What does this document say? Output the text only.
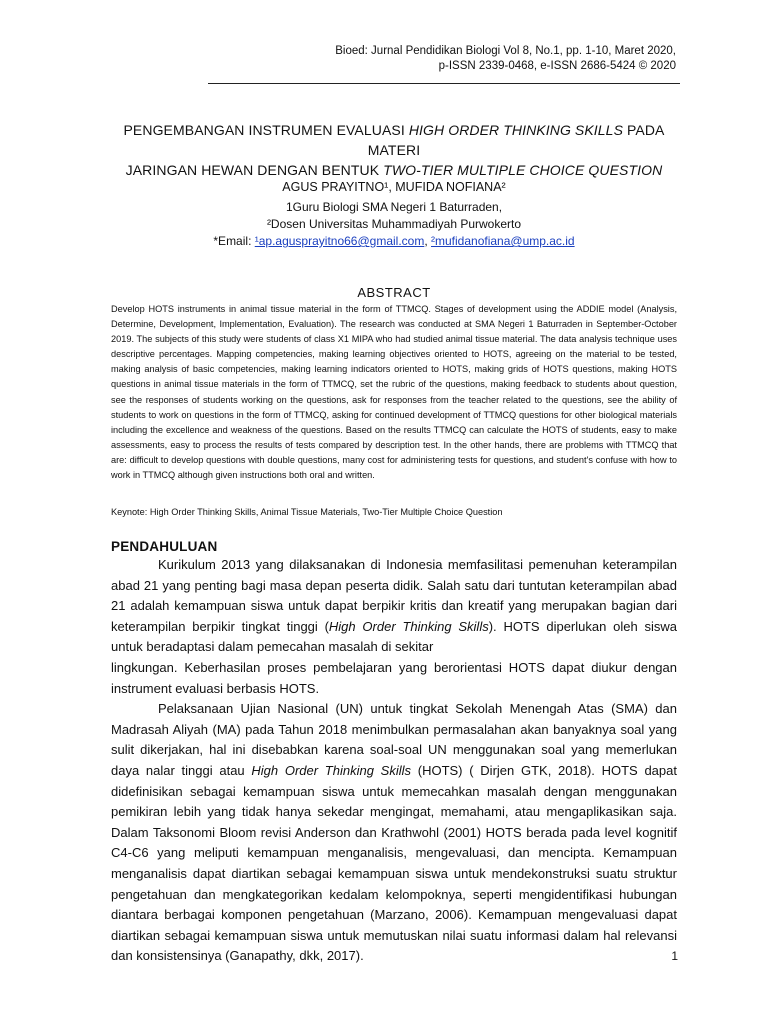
Bioed: Jurnal Pendidikan Biologi Vol 8, No.1, pp. 1-10, Maret 2020,
p-ISSN 2339-0468, e-ISSN 2686-5424 © 2020
PENGEMBANGAN INSTRUMEN EVALUASI HIGH ORDER THINKING SKILLS PADA MATERI
JARINGAN HEWAN DENGAN BENTUK TWO-TIER MULTIPLE CHOICE QUESTION
AGUS PRAYITNO¹, MUFIDA NOFIANA²
1Guru Biologi SMA Negeri 1 Baturraden,
²Dosen Universitas Muhammadiyah Purwokerto
*Email: ¹ap.agusprayitno66@gmail.com, ²mufidanofiana@ump.ac.id
ABSTRACT
Develop HOTS instruments in animal tissue material in the form of TTMCQ. Stages of development using the ADDIE model (Analysis, Determine, Development, Implementation, Evaluation). The research was conducted at SMA Negeri 1 Baturraden in September-October 2019. The subjects of this study were students of class X1 MIPA who had studied animal tissue material. The data analysis technique uses descriptive percentages. Mapping competencies, making learning objectives oriented to HOTS, agreeing on the material to be tested, making analysis of basic competencies, making learning indicators oriented to HOTS, making grids of HOTS questions, making HOTS questions in animal tissue materials in the form of TTMCQ, set the rubric of the questions, making feedback to students about question, see the responses of students working on the questions, ask for responses from the teacher related to the questions, see the ability of students to work on questions in the form of TTMCQ, asking for continued development of TTMCQ questions for other biological materials including the excellence and weakness of the questions. Based on the results TTMCQ can calculate the HOTS of students, easy to make assessments, easy to process the results of tests compared by description test. In the other hands, there are problems with TTMCQ that are: difficult to develop questions with double questions, many cost for administering tests for questions, and student's confuse with how to work in TTMCQ although given instructions both oral and written.
Keynote: High Order Thinking Skills, Animal Tissue Materials, Two-Tier Multiple Choice Question
PENDAHULUAN

Kurikulum 2013 yang dilaksanakan di Indonesia memfasilitasi pemenuhan keterampilan abad 21 yang penting bagi masa depan peserta didik. Salah satu dari tuntutan keterampilan abad 21 adalah kemampuan siswa untuk dapat berpikir kritis dan kreatif yang merupakan bagian dari keterampilan berpikir tingkat tinggi (High Order Thinking Skills). HOTS diperlukan oleh siswa untuk beradaptasi dalam pemecahan masalah di sekitar

lingkungan. Keberhasilan proses pembelajaran yang berorientasi HOTS dapat diukur dengan instrument evaluasi berbasis HOTS.

Pelaksanaan Ujian Nasional (UN) untuk tingkat Sekolah Menengah Atas (SMA) dan Madrasah Aliyah (MA) pada Tahun 2018 menimbulkan permasalahan akan banyaknya soal yang sulit dikerjakan, hal ini disebabkan karena soal-soal UN menggunakan soal yang memerlukan daya nalar tinggi atau High Order Thinking Skills (HOTS) ( Dirjen GTK, 2018). HOTS dapat didefinisikan sebagai kemampuan siswa untuk memecahkan masalah dengan menggunakan pemikiran lebih yang tidak hanya sekedar mengingat, memahami, atau mengaplikasikan saja. Dalam Taksonomi Bloom revisi Anderson dan Krathwohl (2001) HOTS berada pada level kognitif C4-C6 yang meliputi kemampuan menganalisis, mengevaluasi, dan mencipta. Kemampuan menganalisis dapat diartikan sebagai kemampuan siswa untuk mendekonstruksi suatu struktur pengetahuan dan mengkategorikan kedalam kelompoknya, seperti mengidentifikasi hubungan diantara berbagai komponen pengetahuan (Marzano, 2006). Kemampuan mengevaluasi dapat diartikan sebagai kemampuan siswa untuk memutuskan nilai suatu informasi dalam hal relevansi dan konsistensinya (Ganapathy, dkk, 2017).	1
